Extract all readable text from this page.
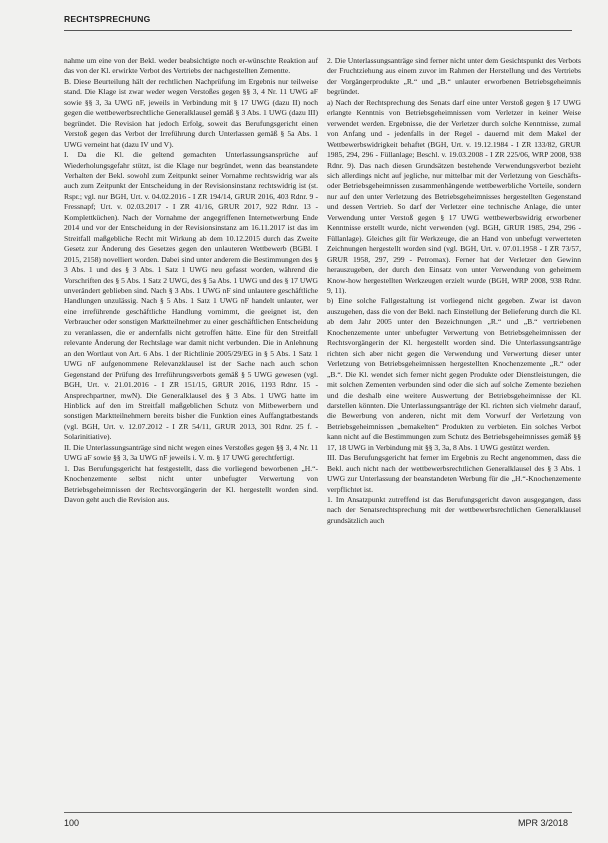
RECHTSPRECHUNG

nahme um eine von der Bekl. weder beabsichtigte noch er-wünschte Reaktion auf das von der Kl. erwirkte Verbot des Vertriebs der nachgestellten Zementte.

B. Diese Beurteilung hält der rechtlichen Nachprüfung im Ergebnis nur teilweise stand. Die Klage ist zwar weder wegen Verstoßes gegen §§ 3, 4 Nr. 11 UWG aF sowie §§ 3, 3a UWG nF, jeweils in Verbindung mit § 17 UWG (dazu II) noch gegen die wettbewerbsrechtliche Generalklausel gemäß § 3 Abs. 1 UWG (dazu III) begründet. Die Revision hat jedoch Erfolg, soweit das Berufungsgericht einen Verstoß gegen das Verbot der Irreführung durch Unterlassen gemäß § 5a Abs. 1 UWG verneint hat (dazu IV und V).

I. Da die Kl. die geltend gemachten Unterlassungsansprüche auf Wiederholungsgefahr stützt, ist die Klage nur begründet, wenn das beanstandete Verhalten der Bekl. sowohl zum Zeitpunkt seiner Vornahme rechtswidrig war als auch zum Zeitpunkt der Entscheidung in der Revisionsinstanz rechtswidrig ist (st. Rspr.; vgl. nur BGH, Urt. v. 04.02.2016 - I ZR 194/14, GRUR 2016, 403 Rdnr. 9 - Fressnapf; Urt. v. 02.03.2017 - I ZR 41/16, GRUR 2017, 922 Rdnr. 13 - Komplettküchen). Nach der Vornahme der angegriffenen Internetwerbung Ende 2014 und vor der Entscheidung in der Revisionsinstanz am 16.11.2017 ist das im Streitfall maßgebliche Recht mit Wirkung ab dem 10.12.2015 durch das Zweite Gesetz zur Änderung des Gesetzes gegen den unlauteren Wettbewerb (BGBl. I 2015, 2158) novelliert worden. Dabei sind unter anderem die Bestimmungen des § 3 Abs. 1 und des § 3 Abs. 1 Satz 1 UWG neu gefasst worden, während die Vorschriften des § 5 Abs. 1 Satz 2 UWG, des § 5a Abs. 1 UWG und des § 17 UWG unverändert geblieben sind. Nach § 3 Abs. 1 UWG nF sind unlautere geschäftliche Handlungen unzulässig. Nach § 5 Abs. 1 Satz 1 UWG nF handelt unlauter, wer eine irreführende geschäftliche Handlung vornimmt, die geeignet ist, den Verbraucher oder sonstigen Marktteilnehmer zu einer geschäftlichen Entscheidung zu veranlassen, die er andernfalls nicht getroffen hätte. Eine für den Streitfall relevante Änderung der Rechtslage war damit nicht verbunden. Die in Anlehnung an den Wortlaut von Art. 6 Abs. 1 der Richtlinie 2005/29/EG in § 5 Abs. 1 Satz 1 UWG nF aufgenommene Relevanzklausel ist der Sache nach auch schon Gegenstand der Prüfung des Irreführungsverbots gemäß § 5 UWG gewesen (vgl. BGH, Urt. v. 21.01.2016 - I ZR 151/15, GRUR 2016, 1193 Rdnr. 15 - Ansprechpartner, mwN). Die Generalklausel des § 3 Abs. 1 UWG hatte im Hinblick auf den im Streitfall maßgeblichen Schutz von Mitbewerbern und sonstigen Marktteilnehmern bereits bisher die Funktion eines Auffangtatbestands (vgl. BGH, Urt. v. 12.07.2012 - I ZR 54/11, GRUR 2013, 301 Rdnr. 25 f. - Solarinitiative).

II. Die Unterlassungsanträge sind nicht wegen eines Verstoßes gegen §§ 3, 4 Nr. 11 UWG aF sowie §§ 3, 3a UWG nF jeweils i. V. m. § 17 UWG gerechtfertigt.

1. Das Berufungsgericht hat festgestellt, dass die vorliegend beworbenen „H.“-Knochenzemente selbst nicht unter unbefugter Verwertung von Betriebsgeheimnissen der Rechtsvorgängerin der Kl. hergestellt worden sind. Davon geht auch die Revision aus.

2. Die Unterlassungsanträge sind ferner nicht unter dem Gesichtspunkt des Verbots der Fruchtziehung aus einem zuvor im Rahmen der Herstellung und des Vertriebs der Vorgängerprodukte „R.“ und „B.“ unlauter erworbenen Betriebsgeheimnis begründet.

a) Nach der Rechtsprechung des Senats darf eine unter Verstoß gegen § 17 UWG erlangte Kenntnis von Betriebsgeheimnissen vom Verletzer in keiner Weise verwendet werden. Ergebnisse, die der Verletzer durch solche Kenntnisse, zumal von Anfang und - jedenfalls in der Regel - dauernd mit dem Makel der Wettbewerbswidrigkeit behaftet (BGH, Urt. v. 19.12.1984 - I ZR 133/82, GRUR 1985, 294, 296 - Füllanlage; Beschl. v. 19.03.2008 - I ZR 225/06, WRP 2008, 938 Rdnr. 9). Das nach diesen Grundsätzen bestehende Verwendungsverbot bezieht sich allerdings nicht auf jegliche, nur mittelbar mit der Verletzung von Geschäfts- oder Betriebsgeheimnissen zusammenhängende wettbewerbliche Vorteile, sondern nur auf den unter Verletzung des Betriebsgeheimnisses hergestellten Gegenstand und dessen Vertrieb. So darf der Verletzer eine technische Anlage, die unter Verwendung unter Verstoß gegen § 17 UWG wettbewerbswidrig erworbener Kenntnisse erstellt wurde, nicht verwenden (vgl. BGH, GRUR 1985, 294, 296 - Füllanlage). Gleiches gilt für Werkzeuge, die an Hand von unbefugt verwerteten Zeichnungen hergestellt worden sind (vgl. BGH, Urt. v. 07.01.1958 - I ZR 73/57, GRUR 1958, 297, 299 - Petromax). Ferner hat der Verletzer den Gewinn herauszugeben, der durch den Einsatz von unter Verwendung von geheimem Know-how hergestellten Werkzeugen erzielt wurde (BGH, WRP 2008, 938 Rdnr. 9, 11).

b) Eine solche Fallgestaltung ist vorliegend nicht gegeben. Zwar ist davon auszugehen, dass die von der Bekl. nach Einstellung der Belieferung durch die Kl. ab dem Jahr 2005 unter den Bezeichnungen „R.“ und „B.“ vertriebenen Knochenzemente unter unbefugter Verwertung von Betriebsgeheimnissen der Rechtsvorgängerin der Kl. hergestellt worden sind. Die Unterlassungsanträge richten sich aber nicht gegen die Verwendung und Verwertung dieser unter Verletzung von Betriebsgeheimnissen hergestellten Knochenzemente „R.“ oder „B.“. Die Kl. wendet sich ferner nicht gegen Produkte oder Dienstleistungen, die mit solchen Zementen verbunden sind oder die sich auf solche Zemente beziehen und die deshalb eine weitere Auswertung der Betriebsgeheimnisse der Kl. darstellen könnten. Die Unterlassungsanträge der Kl. richten sich vielmehr darauf, die Bewerbung von anderen, nicht mit dem Vorwurf der Verletzung von Betriebsgeheimnissen „bemakelten“ Produkten zu verbieten. Ein solches Verbot kann nicht auf die Bestimmungen zum Schutz des Betriebsgeheimnisses gemäß §§ 17, 18 UWG in Verbindung mit §§ 3, 3a, 8 Abs. 1 UWG gestützt werden.

III. Das Berufungsgericht hat ferner im Ergebnis zu Recht angenommen, dass die Bekl. auch nicht nach der wettbewerbsrechtlichen Generalklausel des § 3 Abs. 1 UWG zur Unterlassung der beanstandeten Werbung für die „H.“-Knochenzemente verpflichtet ist.

1. Im Ansatzpunkt zutreffend ist das Berufungsgericht davon ausgegangen, dass nach der Senatsrechtsprechung mit der wettbewerbsrechtlichen Generalklausel grundsätzlich auch

100	MPR 3/2018
